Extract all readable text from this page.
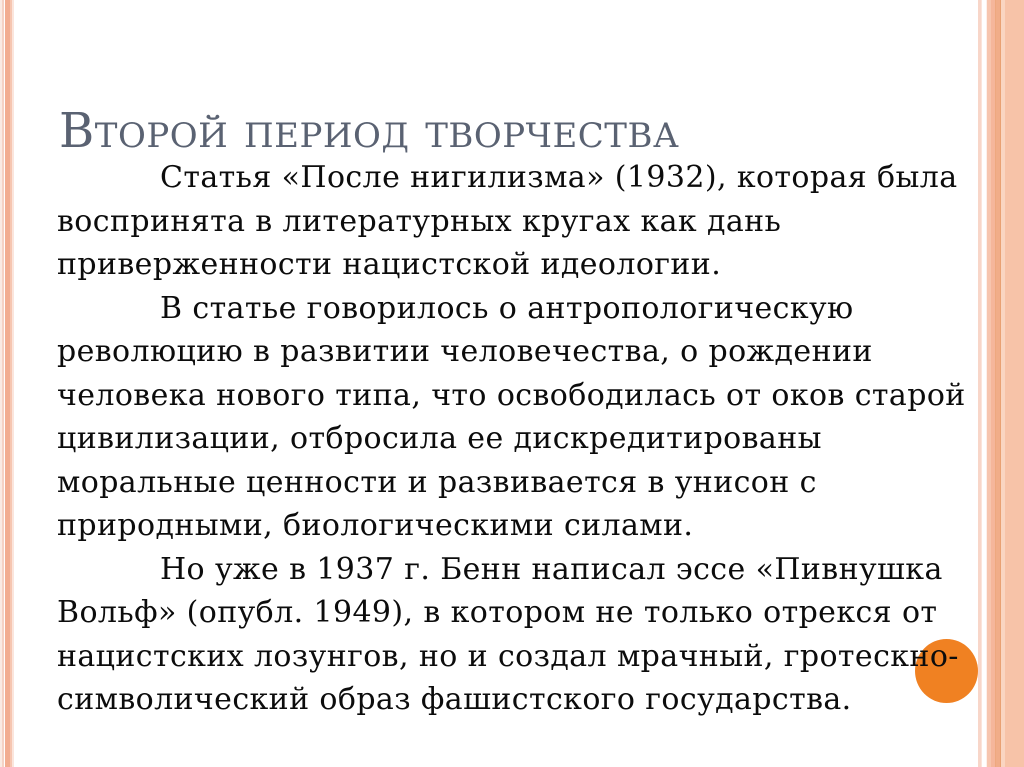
Второй период творчества
Статья «После нигилизма» (1932), которая была
воспринята в литературных кругах как дань
приверженности нацистской идеологии.
В статье говорилось о антропологическую
революцию в развитии человечества, о рождении
человека нового типа, что освободилась от оков старой
цивилизации, отбросила ее дискредитированы
моральные ценности и развивается в унисон с
природными, биологическими силами.
Но уже в 1937 г. Бенн написал эссе «Пивнушка
Вольф» (опубл. 1949), в котором не только отрекся от
нацистских лозунгов, но и создал мрачный, гротескно-
символический образ фашистского государства.
